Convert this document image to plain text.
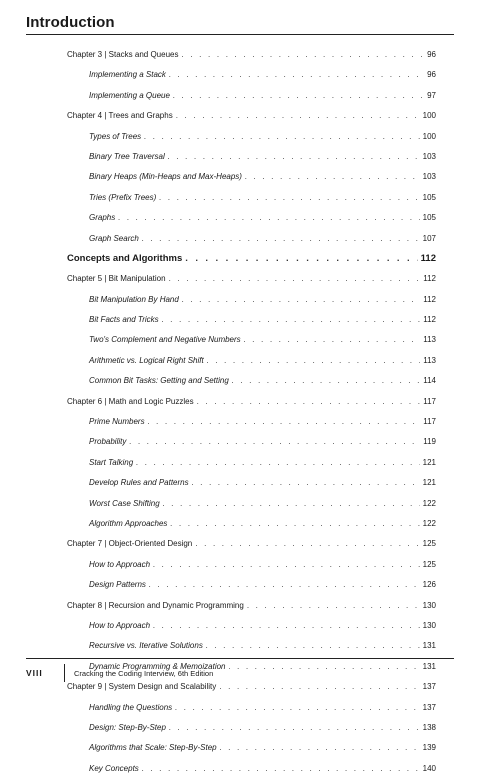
Introduction
Chapter 3 | Stacks and Queues . . .	96
Implementing a Stack . . .	96
Implementing a Queue . . .	97
Chapter 4 | Trees and Graphs . . .	100
Types of Trees . . .	100
Binary Tree Traversal . . .	103
Binary Heaps (Min-Heaps and Max-Heaps) . . .	103
Tries (Prefix Trees) . . .	105
Graphs . . .	105
Graph Search . . .	107
Concepts and Algorithms . . .	112
Chapter 5 | Bit Manipulation . . .	112
Bit Manipulation By Hand . . .	112
Bit Facts and Tricks . . .	112
Two's Complement and Negative Numbers . . .	113
Arithmetic vs. Logical Right Shift . . .	113
Common Bit Tasks: Getting and Setting . . .	114
Chapter 6 | Math and Logic Puzzles . . .	117
Prime Numbers . . .	117
Probability . . .	119
Start Talking . . .	121
Develop Rules and Patterns . . .	121
Worst Case Shifting . . .	122
Algorithm Approaches . . .	122
Chapter 7 | Object-Oriented Design . . .	125
How to Approach . . .	125
Design Patterns . . .	126
Chapter 8 | Recursion and Dynamic Programming . . .	130
How to Approach . . .	130
Recursive vs. Iterative Solutions . . .	131
Dynamic Programming & Memoization . . .	131
Chapter 9 | System Design and Scalability . . .	137
Handling the Questions . . .	137
Design: Step-By-Step . . .	138
Algorithms that Scale: Step-By-Step . . .	139
Key Concepts . . .	140
VIII	Cracking the Coding Interview, 6th Edition
